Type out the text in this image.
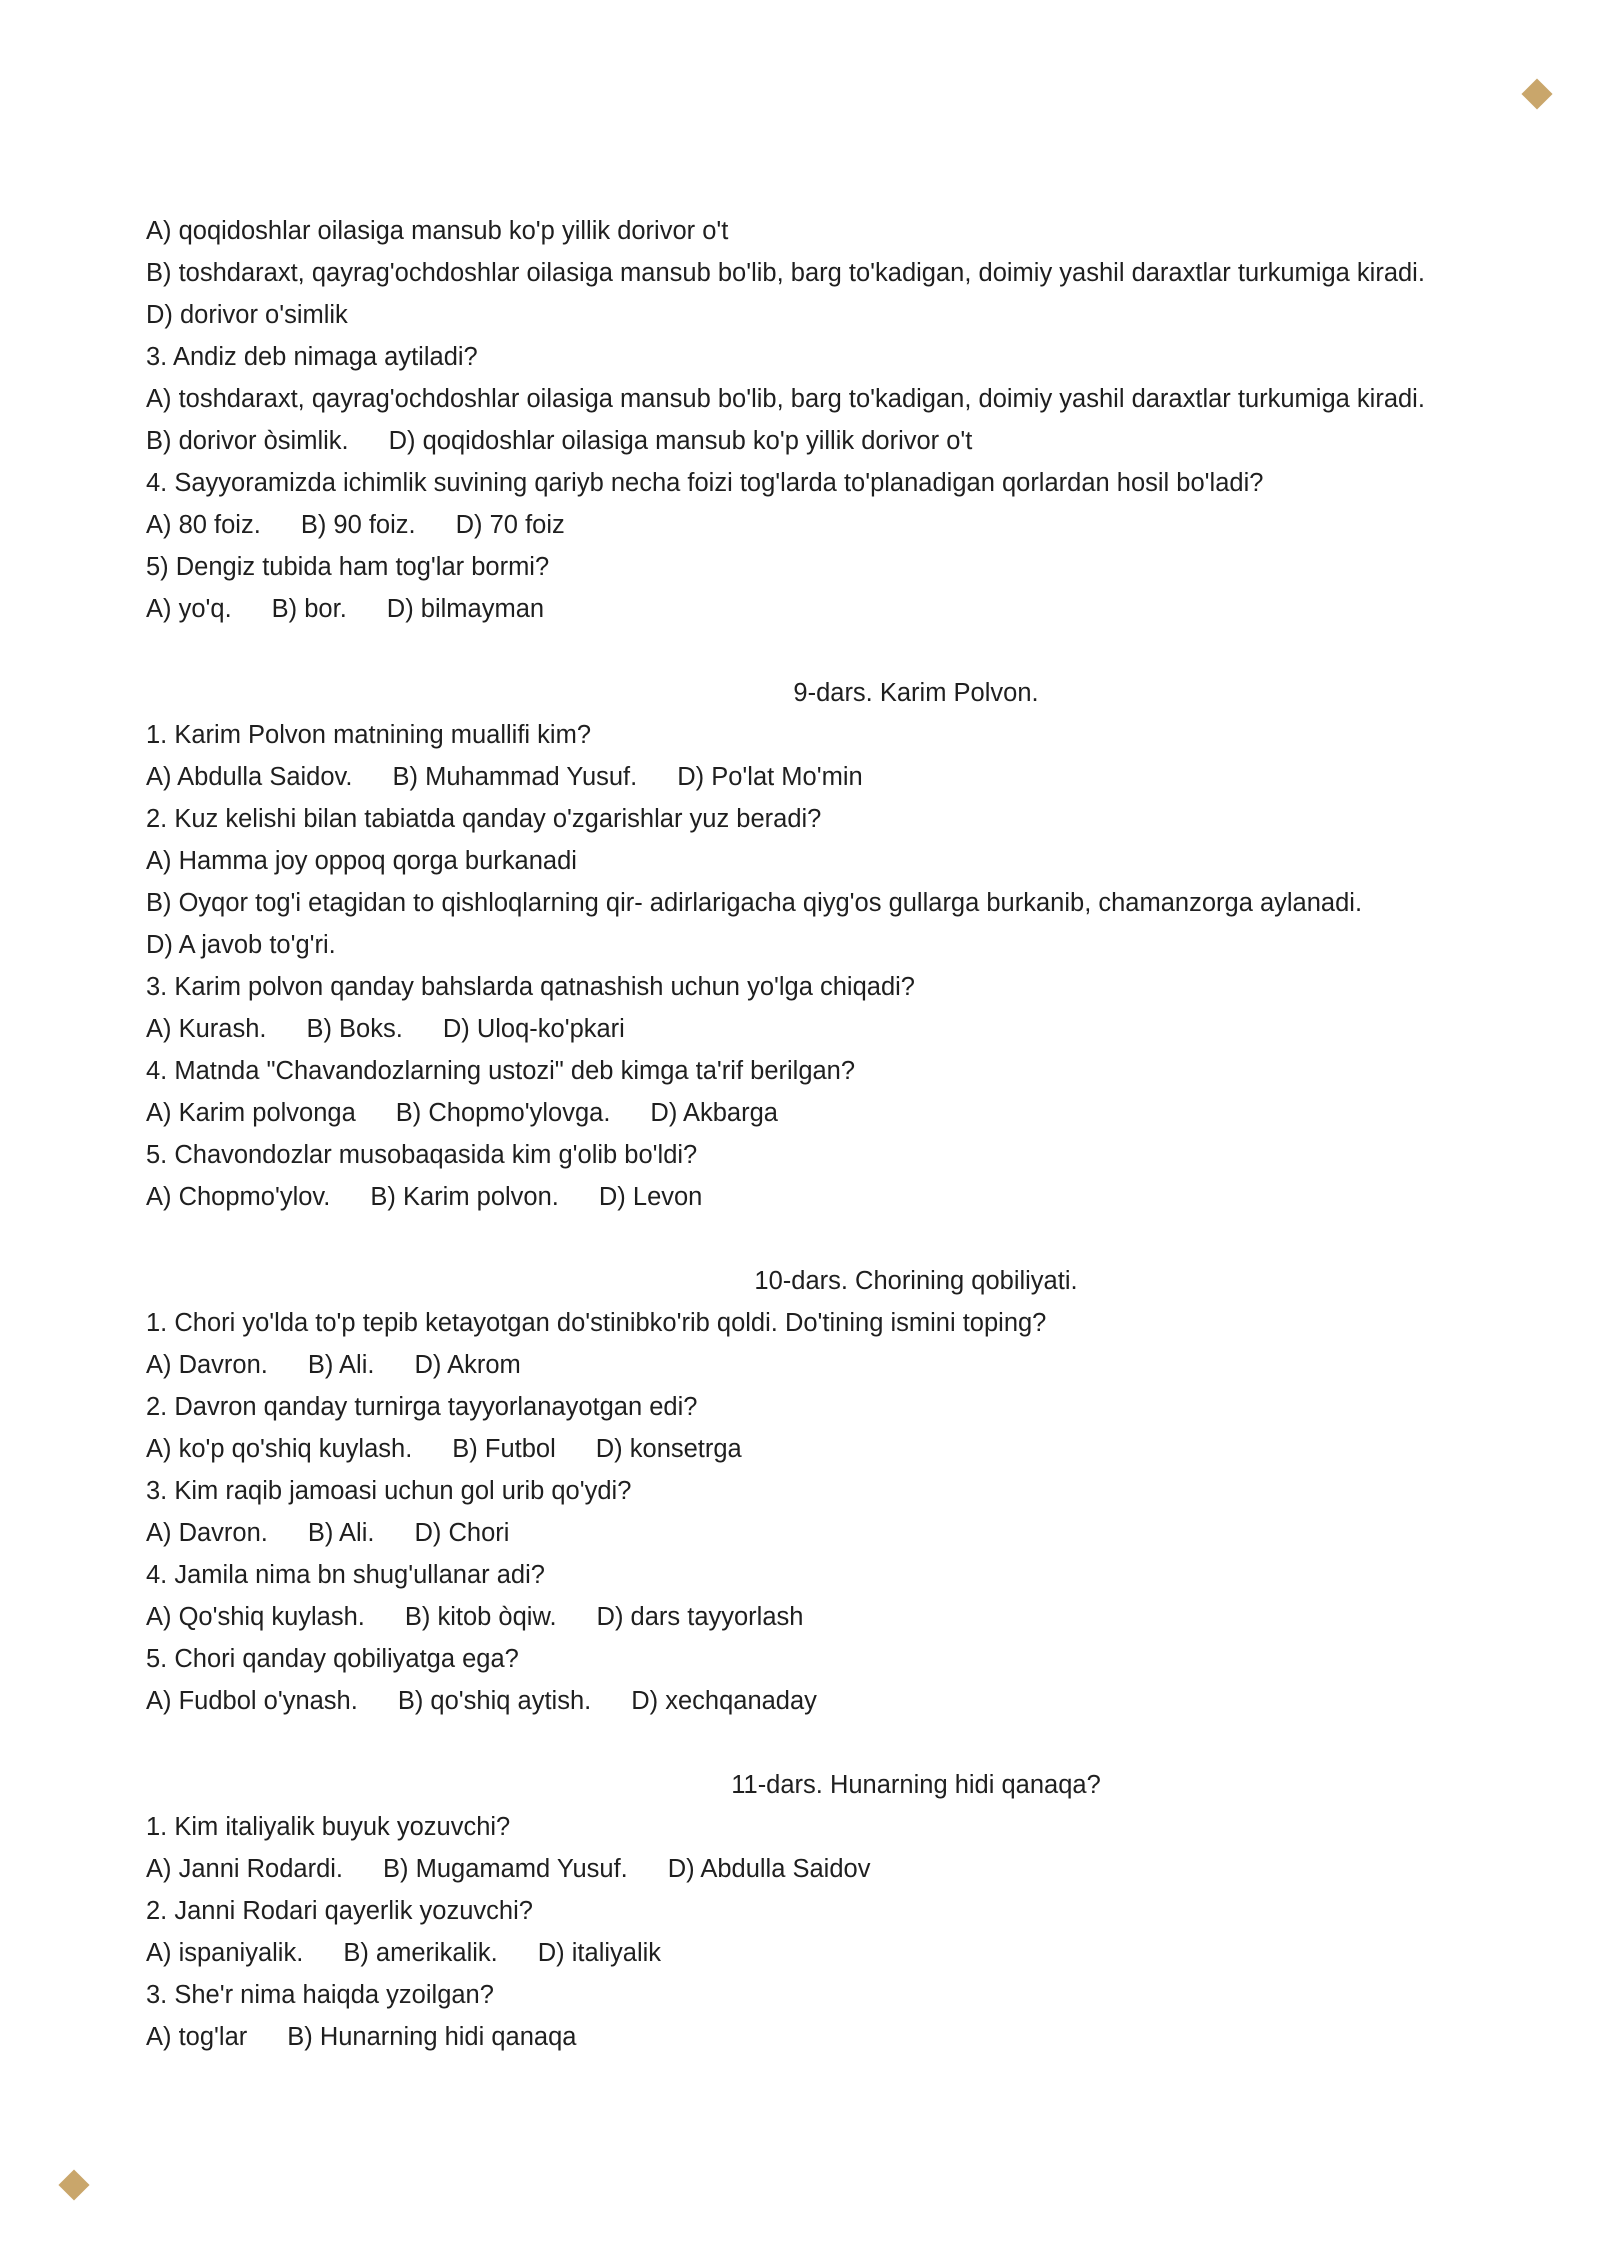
A) qoqidoshlar oilasiga mansub ko'p yillik dorivor o't
B) toshdaraxt, qayrag'ochdoshlar oilasiga mansub bo'lib, barg to'kadigan, doimiy yashil daraxtlar turkumiga kiradi.
D) dorivor o'simlik
3. Andiz deb nimaga aytiladi?
A) toshdaraxt, qayrag'ochdoshlar oilasiga mansub bo'lib, barg to'kadigan, doimiy yashil daraxtlar turkumiga kiradi.
B) dorivor òsimlik. D) qoqidoshlar oilasiga mansub ko'p yillik dorivor o't
4. Sayyoramizda ichimlik suvining qariyb necha foizi tog'larda to'planadigan qorlardan hosil bo'ladi?
A) 80 foiz. B) 90 foiz. D) 70 foiz
5) Dengiz tubida ham tog'lar bormi?
A) yo'q. B) bor. D) bilmayman
9-dars. Karim Polvon.
1. Karim Polvon matnining muallifi kim?
A) Abdulla Saidov. B) Muhammad Yusuf. D) Po'lat Mo'min
2. Kuz kelishi bilan tabiatda qanday o'zgarishlar yuz beradi?
A) Hamma joy oppoq qorga burkanadi
B) Oyqor tog'i etagidan to qishloqlarning qir- adirlarigacha qiyg'os gullarga burkanib, chamanzorga aylanadi.
D) A javob to'g'ri.
3. Karim polvon qanday bahslarda qatnashish uchun yo'lga chiqadi?
A) Kurash. B) Boks. D) Uloq-ko'pkari
4. Matnda "Chavandozlarning ustozi" deb kimga ta'rif berilgan?
A) Karim polvonga B) Chopmo'ylovga. D) Akbarga
5. Chavondozlar musobaqasida kim g'olib bo'ldi?
A) Chopmo'ylov. B) Karim polvon. D) Levon
10-dars. Chorining qobiliyati.
1. Chori yo'lda to'p tepib ketayotgan do'stinibko'rib qoldi. Do'tining ismini toping?
A) Davron. B) Ali. D) Akrom
2. Davron qanday turnirga tayyorlanayotgan edi?
A) ko'p qo'shiq kuylash. B) Futbol D) konsetrga
3. Kim raqib jamoasi uchun gol urib qo'ydi?
A) Davron. B) Ali. D) Chori
4. Jamila nima bn shug'ullanar adi?
A) Qo'shiq kuylash. B) kitob òqiw. D) dars tayyorlash
5. Chori qanday qobiliyatga ega?
A) Fudbol o'ynash. B) qo'shiq aytish. D) xechqanaday
11-dars. Hunarning hidi qanaqa?
1. Kim italiyalik buyuk yozuvchi?
A) Janni Rodardi. B) Mugamamd Yusuf. D) Abdulla Saidov
2. Janni Rodari qayerlik yozuvchi?
A) ispaniyalik. B) amerikalik. D) italiyalik
3. She'r nima haiqda yzoilgan?
A) tog'lar B) Hunarning hidi qanaqa
